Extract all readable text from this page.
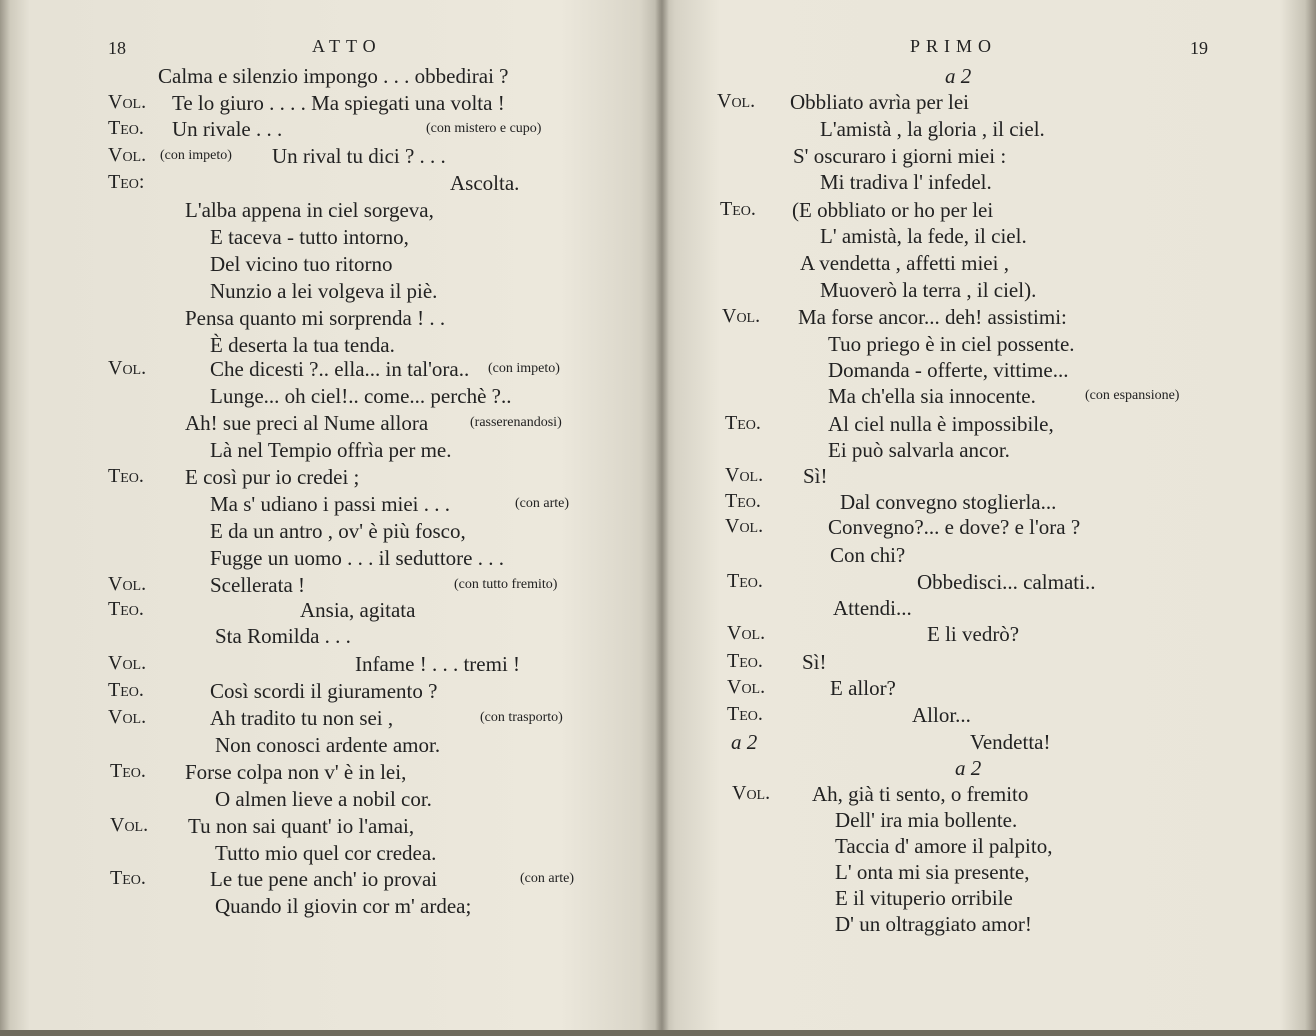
18	ATTO
Calma e silenzio impongo . . . obbedirai ?
Vol. Te lo giuro . . . . Ma spiegati una volta !
Teo. Un rivale . . .	(con mistero e cupo)
Vol. (con impeto) Un rival tu dici ? . . .
Teo:	Ascolta.
L'alba appena in ciel sorgeva,
E taceva - tutto intorno,
Del vicino tuo ritorno
Nunzio a lei volgeva il piè.
Pensa quanto mi sorprenda ! . .
È deserta la tua tenda.
Vol.	Che dicesti ?.. ella... in tal'ora.. (con impeto)
Lunge... oh ciel!.. come... perchè ?..
Ah! sue preci al Nume allora	(rasserenandosi)
Là nel Tempio offrìa per me.
Teo. E così pur io credei ;
Ma s' udiano i passi miei . . .	(con arte)
E da un antro , ov' è più fosco,
Fugge un uomo . . . il seduttore . . .
Vol.	Scellerata !	(con tutto fremito)
Teo.	Ansia, agitata
Sta Romilda . . .
Vol.	Infame ! . . . tremi !
Teo.	Così scordi il giuramento ?
Vol.	Ah tradito tu non sei ,	(con trasporto)
Non conosci ardente amor.
Teo. Forse colpa non v' è in lei,
O almen lieve a nobil cor.
Vol. Tu non sai quant' io l'amai,
Tutto mio quel cor credea.
Teo.	Le tue pene anch' io provai	(con arte)
Quando il giovin cor m' ardea;
19
PRIMO
a 2
Vol. Obbliato avrìa per lei
L'amistà , la gloria , il ciel.
S' oscuraro i giorni miei :
Mi tradiva l' infedel.
Teo. (E obbliato or ho per lei
L' amistà, la fede, il ciel.
A vendetta , affetti miei ,
Muoverò la terra , il ciel).
Vol. Ma forse ancor... deh! assistimi:
Tuo priego è in ciel possente.
Domanda - offerte, vittime...
Ma ch'ella sia innocente.	(con espansione)
Teo.	Al ciel nulla è impossibile,
Ei può salvarla ancor.
Vol. Sì!
Teo.	Dal convegno stoglierla...
Vol.	Convegno?... e dove? e l'ora ?
Con chi?
Teo.	Obbedisci... calmati..
Attendi...
Vol.	E li vedrò?
Teo. Sì!
Vol.	E allor?
Teo.	Allor...
a 2	Vendetta!
a 2
Vol. Ah, già ti sento, o fremito
Dell' ira mia bollente.
Taccia d' amore il palpito,
L' onta mi sia presente,
E il vituperio orribile
D' un oltraggiato amor!
